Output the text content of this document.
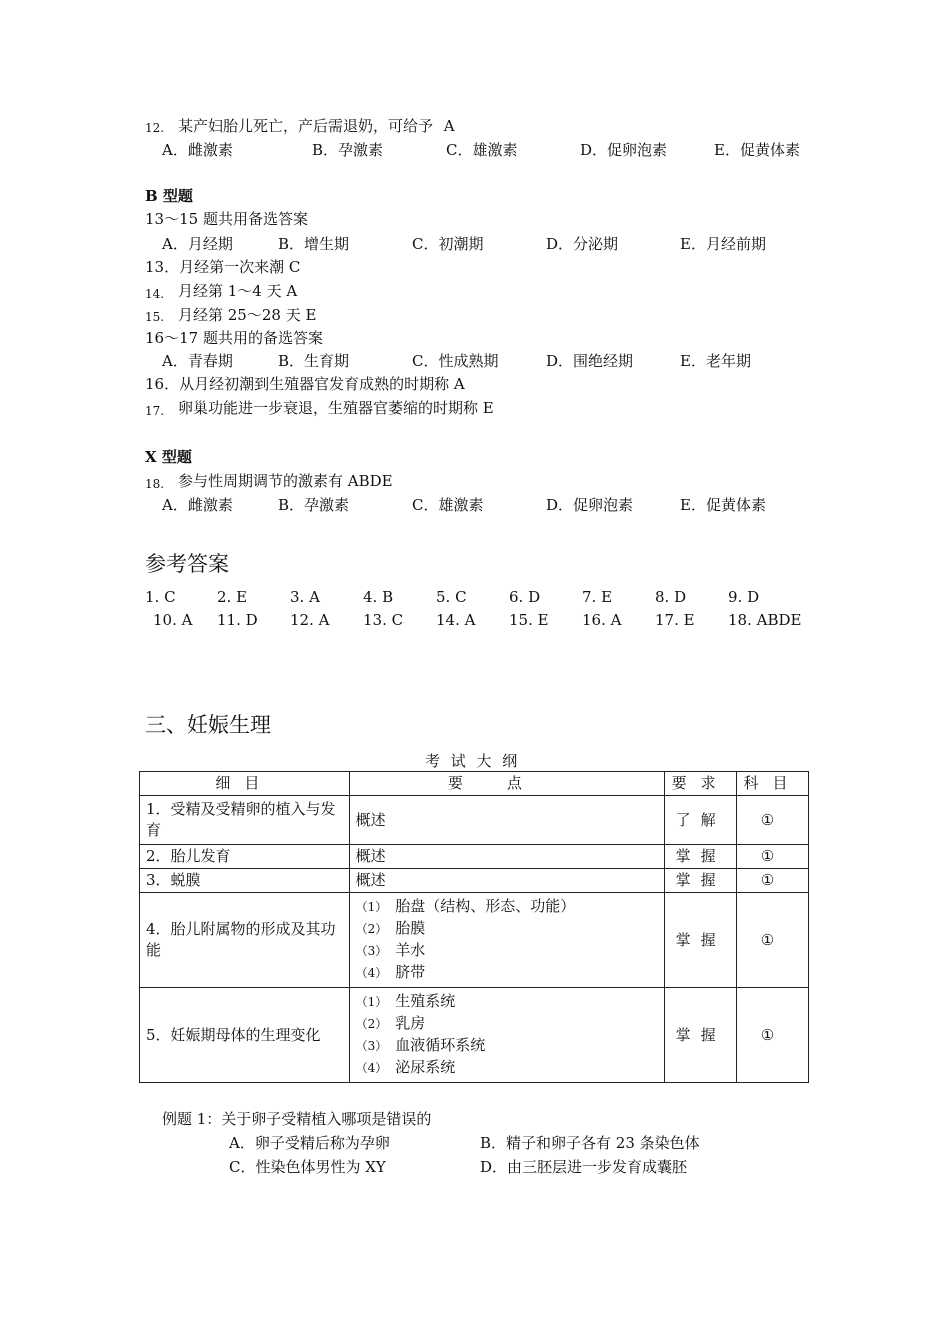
12. 某产妇胎儿死亡，产后需退奶，可给予 A
A．雌激素	B．孕激素	C．雄激素	D．促卵泡素	E．促黄体素
B 型题
13～15 题共用备选答案
A．月经期	B．增生期	C．初潮期	D．分泌期	E．月经前期
13．月经第一次来潮 C
14. 月经第 1～4 天 A
15. 月经第 25～28 天 E
16～17 题共用的备选答案
A．青春期	B．生育期	C．性成熟期	D．围绝经期	E．老年期
16．从月经初潮到生殖器官发育成熟的时期称 A
17. 卵巢功能进一步衰退，生殖器官萎缩的时期称 E
X 型题
18. 参与性周期调节的激素有 ABDE
A．雌激素	B．孕激素	C．雄激素	D．促卵泡素	E．促黄体素
参考答案
1. C	2. E	3. A	4. B	5. C	6. D	7. E	8. D	9. D
10. A 11. D 12. A 13. C 14. A 15. E 16. A 17. E 18. ABDE
三、妊娠生理
考 试 大 纲
细目	要点	要求	科目
1．受精及受精卵的植入与发育	概述	了解	①
2．胎儿发育	概述	掌握	①
3．蜕膜	概述	掌握	①
4．胎儿附属物的形成及其功能	（1） 胎盘（结构、形态、功能）
（2） 胎膜
（3） 羊水
（4） 脐带	掌握	①
5．妊娠期母体的生理变化	（1） 生殖系统
（2） 乳房
（3） 血液循环系统
（4） 泌尿系统	掌握	①
例题 1：关于卵子受精植入哪项是错误的
A．卵子受精后称为孕卵	B．精子和卵子各有 23 条染色体
C．性染色体男性为 XY	D．由三胚层进一步发育成囊胚
